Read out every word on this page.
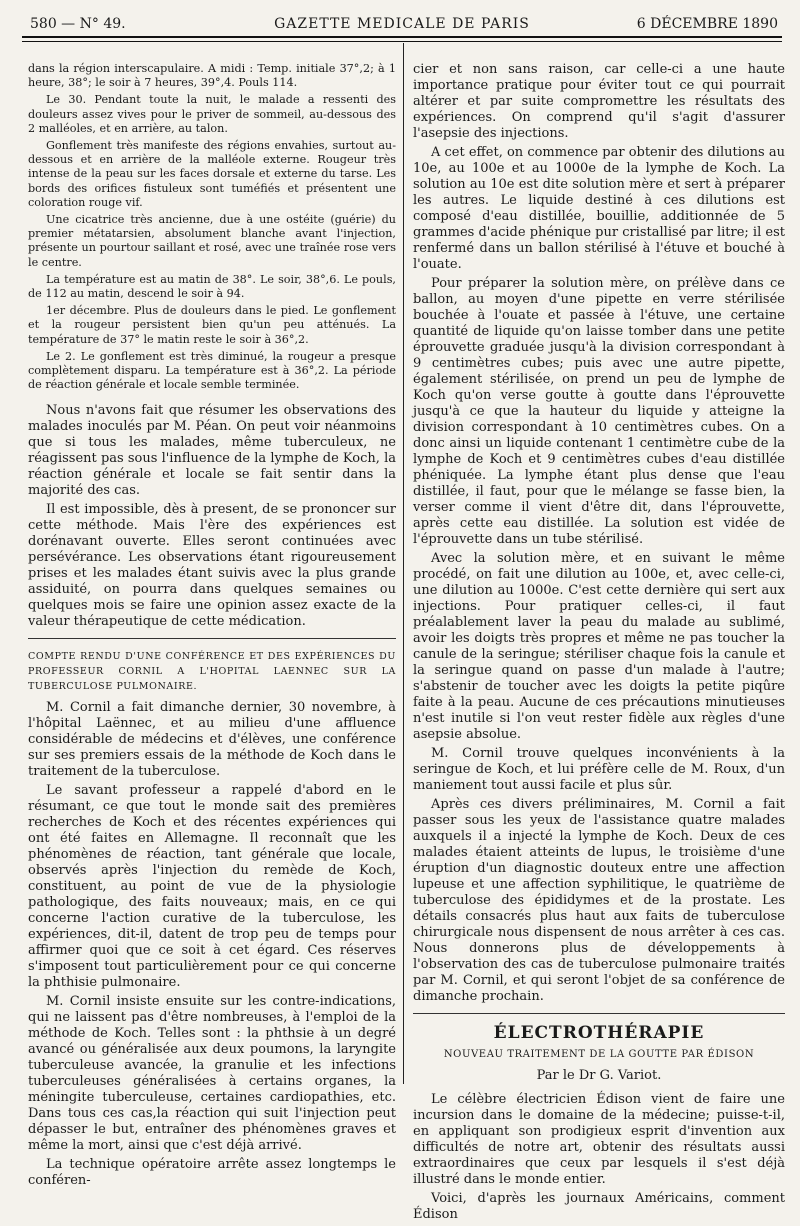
580 — N° 49.	GAZETTE MEDICALE DE PARIS	6 DÉCEMBRE 1890

dans la région interscapulaire. A midi : Temp. initiale 37°,2; à 1 heure, 38°; le soir à 7 heures, 39°,4. Pouls 114.

Le 30. Pendant toute la nuit, le malade a ressenti des douleurs assez vives pour le priver de sommeil, au-dessous des 2 malléoles, et en arrière, au talon.

Gonflement très manifeste des régions envahies, surtout au-dessous et en arrière de la malléole externe. Rougeur très intense de la peau sur les faces dorsale et externe du tarse. Les bords des orifices fistuleux sont tuméfiés et présentent une coloration rouge vif.

Une cicatrice très ancienne, due à une ostéite (guérie) du premier métatarsien, absolument blanche avant l'injection, présente un pourtour saillant et rosé, avec une traînée rose vers le centre.

La température est au matin de 38°. Le soir, 38°,6. Le pouls, de 112 au matin, descend le soir à 94.

1er décembre. Plus de douleurs dans le pied. Le gonflement et la rougeur persistent bien qu'un peu atténués. La température de 37° le matin reste le soir à 36°,2.

Le 2. Le gonflement est très diminué, la rougeur a presque complètement disparu. La température est à 36°,2. La période de réaction générale et locale semble terminée.

Nous n'avons fait que résumer les observations des malades inoculés par M. Péan. On peut voir néanmoins que si tous les malades, même tuberculeux, ne réagissent pas sous l'influence de la lymphe de Koch, la réaction générale et locale se fait sentir dans la majorité des cas.

Il est impossible, dès à present, de se prononcer sur cette méthode. Mais l'ère des expériences est dorénavant ouverte. Elles seront continuées avec persévérance. Les observations étant rigoureusement prises et les malades étant suivis avec la plus grande assiduité, on pourra dans quelques semaines ou quelques mois se faire une opinion assez exacte de la valeur thérapeutique de cette médication.

COMPTE RENDU D'UNE CONFÉRENCE ET DES EXPÉRIENCES DU PROFESSEUR CORNIL A L'HOPITAL LAENNEC SUR LA TUBERCULOSE PULMONAIRE.

M. Cornil a fait dimanche dernier, 30 novembre, à l'hôpital Laënnec, et au milieu d'une affluence considérable de médecins et d'élèves, une conférence sur ses premiers essais de la méthode de Koch dans le traitement de la tuberculose.

Le savant professeur a rappelé d'abord en le résumant, ce que tout le monde sait des premières recherches de Koch et des récentes expériences qui ont été faites en Allemagne. Il reconnaît que les phénomènes de réaction, tant générale que locale, observés après l'injection du remède de Koch, constituent, au point de vue de la physiologie pathologique, des faits nouveaux; mais, en ce qui concerne l'action curative de la tuberculose, les expériences, dit-il, datent de trop peu de temps pour affirmer quoi que ce soit à cet égard. Ces réserves s'imposent tout particulièrement pour ce qui concerne la phthisie pulmonaire.

M. Cornil insiste ensuite sur les contre-indications, qui ne laissent pas d'être nombreuses, à l'emploi de la méthode de Koch. Telles sont : la phthsie à un degré avancé ou généralisée aux deux poumons, la laryngite tuberculeuse avancée, la granulie et les infections tuberculeuses généralisées à certains organes, la méningite tuberculeuse, certaines cardiopathies, etc. Dans tous ces cas,la réaction qui suit l'injection peut dépasser le but, entraîner des phénomènes graves et même la mort, ainsi que c'est déjà arrivé.

La technique opératoire arrête assez longtemps le conféren-

cier et non sans raison, car celle-ci a une haute importance pratique pour éviter tout ce qui pourrait altérer et par suite compromettre les résultats des expériences. On comprend qu'il s'agit d'assurer l'asepsie des injections.

A cet effet, on commence par obtenir des dilutions au 10e, au 100e et au 1000e de la lymphe de Koch. La solution au 10e est dite solution mère et sert à préparer les autres. Le liquide destiné à ces dilutions est composé d'eau distillée, bouillie, additionnée de 5 grammes d'acide phénique pur cristallisé par litre; il est renfermé dans un ballon stérilisé à l'étuve et bouché à l'ouate.

Pour préparer la solution mère, on prélève dans ce ballon, au moyen d'une pipette en verre stérilisée bouchée à l'ouate et passée à l'étuve, une certaine quantité de liquide qu'on laisse tomber dans une petite éprouvette graduée jusqu'à la division correspondant à 9 centimètres cubes; puis avec une autre pipette, également stérilisée, on prend un peu de lymphe de Koch qu'on verse goutte à goutte dans l'éprouvette jusqu'à ce que la hauteur du liquide y atteigne la division correspondant à 10 centimètres cubes. On a donc ainsi un liquide contenant 1 centimètre cube de la lymphe de Koch et 9 centimètres cubes d'eau distillée phéniquée. La lymphe étant plus dense que l'eau distillée, il faut, pour que le mélange se fasse bien, la verser comme il vient d'être dit, dans l'éprouvette, après cette eau distillée. La solution est vidée de l'éprouvette dans un tube stérilisé.

Avec la solution mère, et en suivant le même procédé, on fait une dilution au 100e, et, avec celle-ci, une dilution au 1000e. C'est cette dernière qui sert aux injections. Pour pratiquer celles-ci, il faut préalablement laver la peau du malade au sublimé, avoir les doigts très propres et même ne pas toucher la canule de la seringue; stériliser chaque fois la canule et la seringue quand on passe d'un malade à l'autre; s'abstenir de toucher avec les doigts la petite piqûre faite à la peau. Aucune de ces précautions minutieuses n'est inutile si l'on veut rester fidèle aux règles d'une asepsie absolue.

M. Cornil trouve quelques inconvénients à la seringue de Koch, et lui préfère celle de M. Roux, d'un maniement tout aussi facile et plus sûr.

Après ces divers préliminaires, M. Cornil a fait passer sous les yeux de l'assistance quatre malades auxquels il a injecté la lymphe de Koch. Deux de ces malades étaient atteints de lupus, le troisième d'une éruption d'un diagnostic douteux entre une affection lupeuse et une affection syphilitique, le quatrième de tuberculose des épididymes et de la prostate. Les détails consacrés plus haut aux faits de tuberculose chirurgicale nous dispensent de nous arrêter à ces cas. Nous donnerons plus de développements à l'observation des cas de tuberculose pulmonaire traités par M. Cornil, et qui seront l'objet de sa conférence de dimanche prochain.

ÉLECTROTHÉRAPIE

NOUVEAU TRAITEMENT DE LA GOUTTE PAR ÉDISON

Par le Dr G. Variot.

Le célèbre électricien Édison vient de faire une incursion dans le domaine de la médecine; puisse-t-il, en appliquant son prodigieux esprit d'invention aux difficultés de notre art, obtenir des résultats aussi extraordinaires que ceux par lesquels il s'est déjà illustré dans le monde entier.

Voici, d'après les journaux Américains, comment Édison
